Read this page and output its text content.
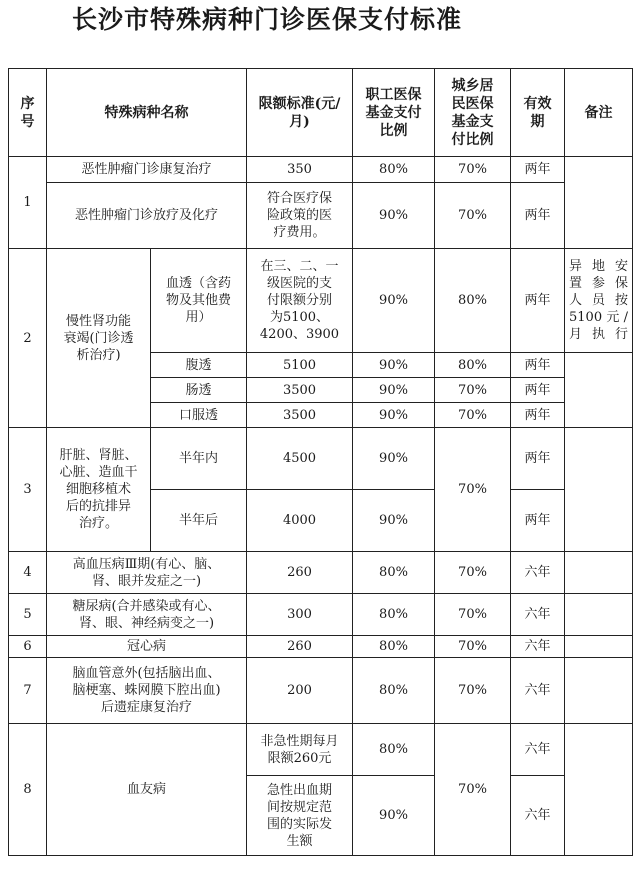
长沙市特殊病种门诊医保支付标准
序
号	特殊病种名称		限额标准(元/
月)	职工医保
基金支付
比例	城乡居
民医保
基金支
付比例	有效
期	备注
1	恶性肿瘤门诊康复治疗		350	80%	70%	两年	
	恶性肿瘤门诊放疗及化疗		符合医疗保
险政策的医
疗费用。	90%	70%	两年	
2	慢性肾功能
衰竭(门诊透
析治疗)	血透（含药
物及其他费
用）	在三、二、一
级医院的支
付限额分别
为5100、
4200、3900	90%	80%	两年	异地安
置参保
人员按
5100元/
月执行
		腹透	5100	90%	80%	两年	
		肠透	3500	90%	70%	两年	
		口服透	3500	90%	70%	两年	
3	肝脏、肾脏、
心脏、造血干
细胞移植术
后的抗排异
治疗。	半年内	4500	90%	70%	两年	
		半年后	4000	90%		两年	
4	高血压病Ⅲ期(有心、脑、
肾、眼并发症之一)		260	80%	70%	六年	
5	糖尿病(合并感染或有心、
肾、眼、神经病变之一)		300	80%	70%	六年	
6	冠心病		260	80%	70%	六年	
7	脑血管意外(包括脑出血、
脑梗塞、蛛网膜下腔出血)
后遗症康复治疗		200	80%	70%	六年	
8	血友病		非急性期每月
限额260元	80%	70%	六年	
			急性出血期
间按规定范
围的实际发
生额	90%		六年	
